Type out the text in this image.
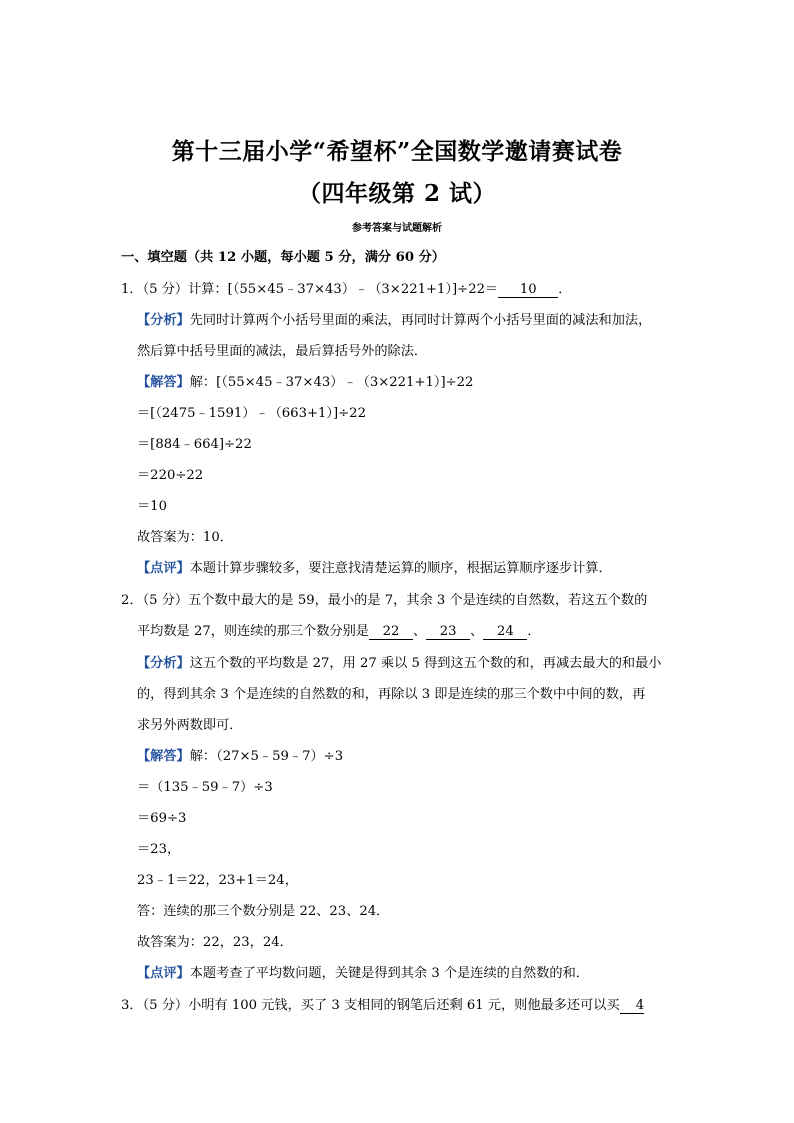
第十三届小学“希望杯”全国数学邀请赛试卷
（四年级第 2 试）
参考答案与试题解析
一、填空题（共 12 小题，每小题 5 分，满分 60 分）
1．（5 分）计算：[（55×45﹣37×43）﹣（3×221+1）]÷22＝ 10 ．
【分析】先同时计算两个小括号里面的乘法，再同时计算两个小括号里面的减法和加法，
然后算中括号里面的减法，最后算括号外的除法．
【解答】解：[（55×45﹣37×43）﹣（3×221+1）]÷22
＝[（2475﹣1591）﹣（663+1）]÷22
＝[884﹣664]÷22
＝220÷22
＝10
故答案为：10．
【点评】本题计算步骤较多，要注意找清楚运算的顺序，根据运算顺序逐步计算．
2．（5 分）五个数中最大的是 59，最小的是 7，其余 3 个是连续的自然数，若这五个数的
平均数是 27，则连续的那三个数分别是 22 、 23 、 24 ．
【分析】这五个数的平均数是 27，用 27 乘以 5 得到这五个数的和，再减去最大的和最小
的，得到其余 3 个是连续的自然数的和，再除以 3 即是连续的那三个数中中间的数，再
求另外两数即可．
【解答】解：（27×5﹣59﹣7）÷3
＝（135﹣59﹣7）÷3
＝69÷3
＝23，
23﹣1＝22，23+1＝24，
答：连续的那三个数分别是 22、23、24．
故答案为：22，23，24．
【点评】本题考查了平均数问题，关键是得到其余 3 个是连续的自然数的和．
3．（5 分）小明有 100 元钱，买了 3 支相同的钢笔后还剩 61 元，则他最多还可以买 4
